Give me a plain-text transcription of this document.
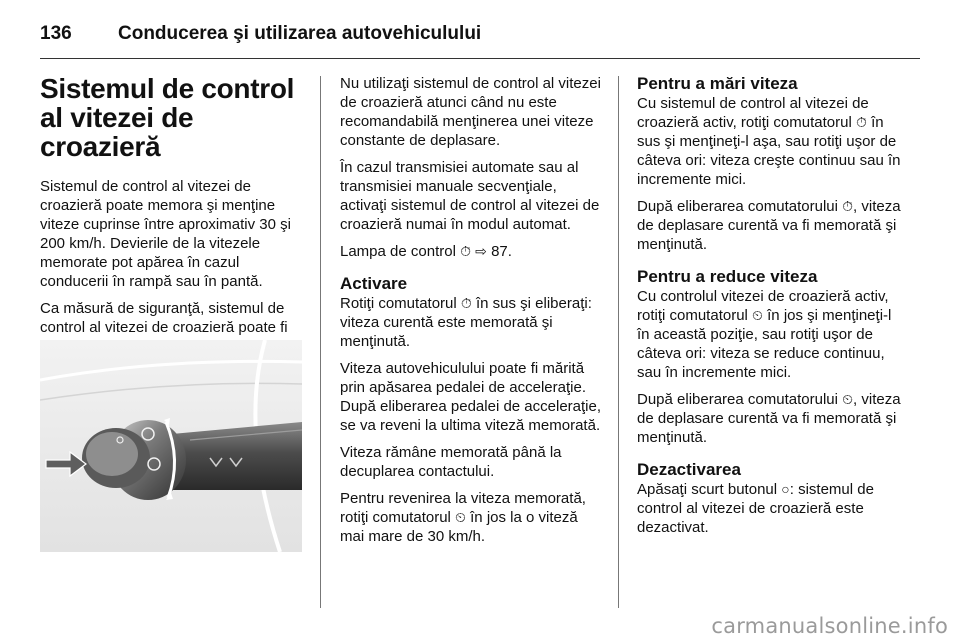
136	Conducerea şi utilizarea autovehiculului
Sistemul de control al vitezei de croazieră

Sistemul de control al vitezei de croazieră poate memora şi menţine viteze cuprinse între aproximativ 30 şi 200 km/h. Devierile de la vitezele memorate pot apărea în cazul conducerii în rampă sau în pantă.

Ca măsură de siguranţă, sistemul de control al vitezei de croazieră poate fi

Nu utilizaţi sistemul de control al vitezei de croazieră atunci când nu este recomandabilă menţinerea unei viteze constante de deplasare.

În cazul transmisiei automate sau al transmisiei manuale secvenţiale, activaţi sistemul de control al vitezei de croazieră numai în modul automat.

Lampa de control ⏱ ⇨ 87.

Activare

Rotiţi comutatorul ⏱ în sus şi eliberaţi: viteza curentă este memorată şi menţinută.

Viteza autovehiculului poate fi mărită prin apăsarea pedalei de acceleraţie. După eliberarea pedalei de acceleraţie, se va reveni la ultima viteză memorată.

Viteza rămâne memorată până la decuplarea contactului.

Pentru revenirea la viteza memorată, rotiţi comutatorul ⏲ în jos la o viteză mai mare de 30 km/h.

Pentru a mări viteza

Cu sistemul de control al vitezei de croazieră activ, rotiţi comutatorul ⏱ în sus şi menţineţi-l aşa, sau rotiţi uşor de câteva ori: viteza creşte continuu sau în incremente mici.

După eliberarea comutatorului ⏱, viteza de deplasare curentă va fi memorată şi menţinută.

Pentru a reduce viteza

Cu controlul vitezei de croazieră activ, rotiţi comutatorul ⏲ în jos şi menţineţi-l în această poziţie, sau rotiţi uşor de câteva ori: viteza se reduce continuu, sau în incremente mici.

După eliberarea comutatorului ⏲, viteza de deplasare curentă va fi memorată şi menţinută.

Dezactivarea

Apăsaţi scurt butonul ○: sistemul de control al vitezei de croazieră este dezactivat.

carmanualsonline.info
